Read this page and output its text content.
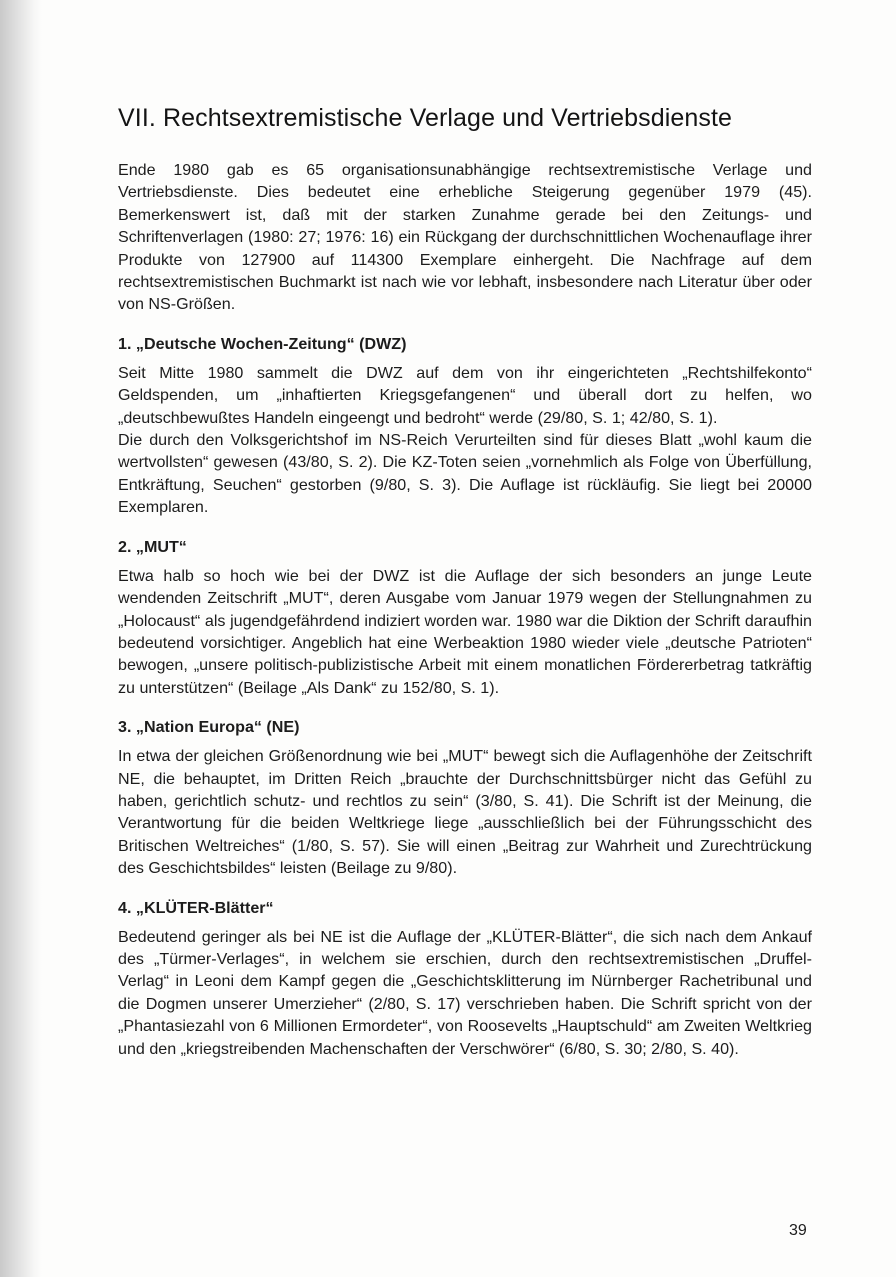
VII. Rechtsextremistische Verlage und Vertriebsdienste

Ende 1980 gab es 65 organisationsunabhängige rechtsextremistische Verlage und Vertriebsdienste. Dies bedeutet eine erhebliche Steigerung gegenüber 1979 (45). Bemerkenswert ist, daß mit der starken Zunahme gerade bei den Zeitungs- und Schriftenverlagen (1980: 27; 1976: 16) ein Rückgang der durchschnittlichen Wochenauflage ihrer Produkte von 127900 auf 114300 Exemplare einhergeht. Die Nachfrage auf dem rechtsextremistischen Buchmarkt ist nach wie vor lebhaft, insbesondere nach Literatur über oder von NS-Größen.

1. „Deutsche Wochen-Zeitung“ (DWZ)

Seit Mitte 1980 sammelt die DWZ auf dem von ihr eingerichteten „Rechtshilfekonto“ Geldspenden, um „inhaftierten Kriegsgefangenen“ und überall dort zu helfen, wo „deutschbewußtes Handeln eingeengt und bedroht“ werde (29/80, S. 1; 42/80, S. 1).

Die durch den Volksgerichtshof im NS-Reich Verurteilten sind für dieses Blatt „wohl kaum die wertvollsten“ gewesen (43/80, S. 2). Die KZ-Toten seien „vornehmlich als Folge von Überfüllung, Entkräftung, Seuchen“ gestorben (9/80, S. 3). Die Auflage ist rückläufig. Sie liegt bei 20000 Exemplaren.

2. „MUT“

Etwa halb so hoch wie bei der DWZ ist die Auflage der sich besonders an junge Leute wendenden Zeitschrift „MUT“, deren Ausgabe vom Januar 1979 wegen der Stellungnahmen zu „Holocaust“ als jugendgefährdend indiziert worden war. 1980 war die Diktion der Schrift daraufhin bedeutend vorsichtiger. Angeblich hat eine Werbeaktion 1980 wieder viele „deutsche Patrioten“ bewogen, „unsere politisch-publizistische Arbeit mit einem monatlichen Fördererbetrag tatkräftig zu unterstützen“ (Beilage „Als Dank“ zu 152/80, S. 1).

3. „Nation Europa“ (NE)

In etwa der gleichen Größenordnung wie bei „MUT“ bewegt sich die Auflagenhöhe der Zeitschrift NE, die behauptet, im Dritten Reich „brauchte der Durchschnittsbürger nicht das Gefühl zu haben, gerichtlich schutz- und rechtlos zu sein“ (3/80, S. 41). Die Schrift ist der Meinung, die Verantwortung für die beiden Weltkriege liege „ausschließlich bei der Führungsschicht des Britischen Weltreiches“ (1/80, S. 57). Sie will einen „Beitrag zur Wahrheit und Zurechtrückung des Geschichtsbildes“ leisten (Beilage zu 9/80).

4. „KLÜTER-Blätter“

Bedeutend geringer als bei NE ist die Auflage der „KLÜTER-Blätter“, die sich nach dem Ankauf des „Türmer-Verlages“, in welchem sie erschien, durch den rechtsextremistischen „Druffel-Verlag“ in Leoni dem Kampf gegen die „Geschichtsklitterung im Nürnberger Rachetribunal und die Dogmen unserer Umerzieher“ (2/80, S. 17) verschrieben haben. Die Schrift spricht von der „Phantasiezahl von 6 Millionen Ermordeter“, von Roosevelts „Hauptschuld“ am Zweiten Weltkrieg und den „kriegstreibenden Machenschaften der Verschwörer“ (6/80, S. 30; 2/80, S. 40).

39
